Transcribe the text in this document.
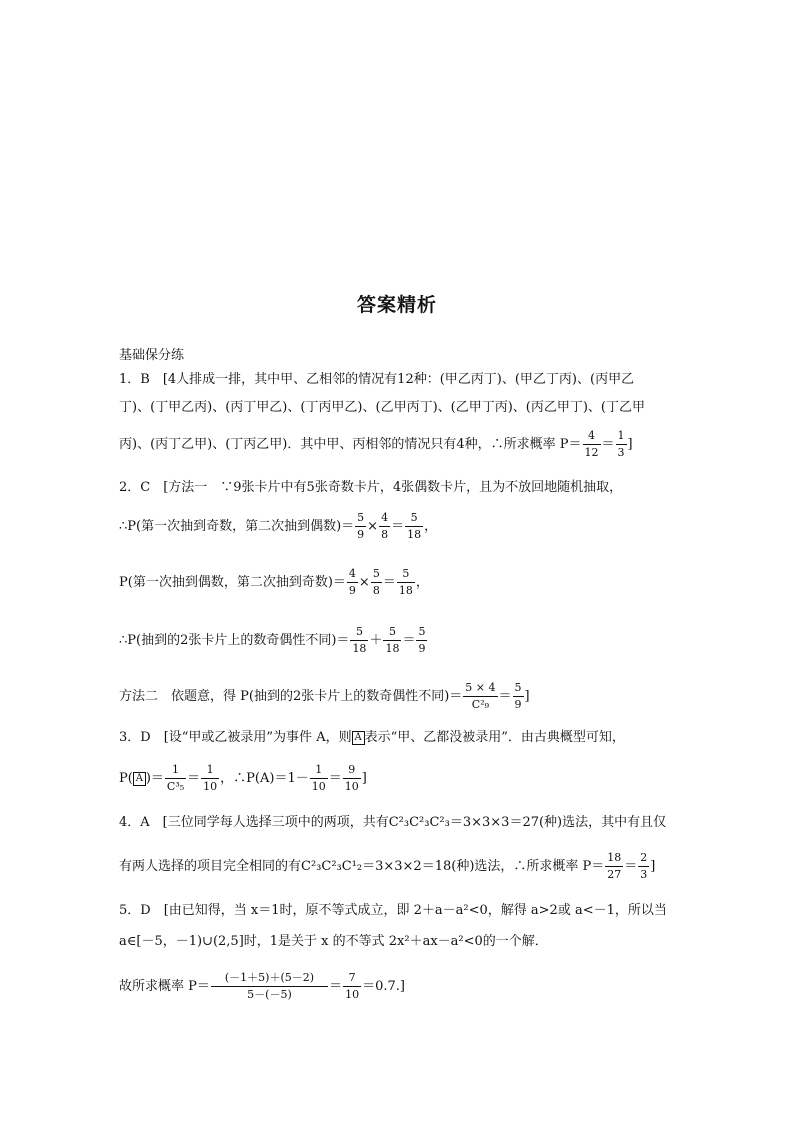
答案精析
基础保分练
1．B　[4人排成一排，其中甲、乙相邻的情况有12种：(甲乙丙丁)、(甲乙丁丙)、(丙甲乙
丁)、(丁甲乙丙)、(丙丁甲乙)、(丁丙甲乙)、(乙甲丙丁)、(乙甲丁丙)、(丙乙甲丁)、(丁乙甲
丙)、(丙丁乙甲)、(丁丙乙甲)．其中甲、丙相邻的情况只有4种，∴所求概率 $P= \frac{4}{12} = \frac{1}{3}$ ]
2．C　[方法一　∵9张卡片中有5张奇数卡片，4张偶数卡片，且为不放回地随机抽取，
∴P(第一次抽到奇数，第二次抽到偶数)＝ $\frac{5}{9} \times \frac{4}{8} = \frac{5}{18}$ ，
P(第一次抽到偶数，第二次抽到奇数)＝ $\frac{4}{9} \times \frac{5}{8} = \frac{5}{18}$ ，
∴P(抽到的2张卡片上的数奇偶性不同)＝ $\frac{5}{18} + \frac{5}{18} = \frac{5}{9}$
方法二　依题意，得 P(抽到的2张卡片上的数奇偶性不同)＝ $\frac{5 \times 4}{\text{C²₉}} = \frac{5}{9}$ ]
3．D　[设“甲或乙被录用”为事件 A，则 A 表示“甲、乙都没被录用”．由古典概型可知，
P( A )＝ $\frac{1}{\text{C³₅}} = \frac{1}{10}$ ，∴P(A)＝1－ $\frac{1}{10} = \frac{9}{10}$ ]
4．A　[三位同学每人选择三项中的两项，共有C²₃C²₃C²₃＝3×3×3＝27(种)选法，其中有且仅
有两人选择的项目完全相同的有C²₃C²₃C¹₂＝3×3×2＝18(种)选法，∴所求概率 $P= \frac{18}{27} = \frac{2}{3}$ ]
5．D　[由已知得，当 x＝1时，原不等式成立，即 2＋a－a²<0，解得 a>2或 a<－1，所以当
a∈[－5，－1)∪(2,5]时，1是关于 x 的不等式 2x²＋ax－a²<0的一个解．
故所求概率 $P= \frac{(-1+5)+(5-2)}{5-(-5)} = \frac{7}{10} =0.7$.]
